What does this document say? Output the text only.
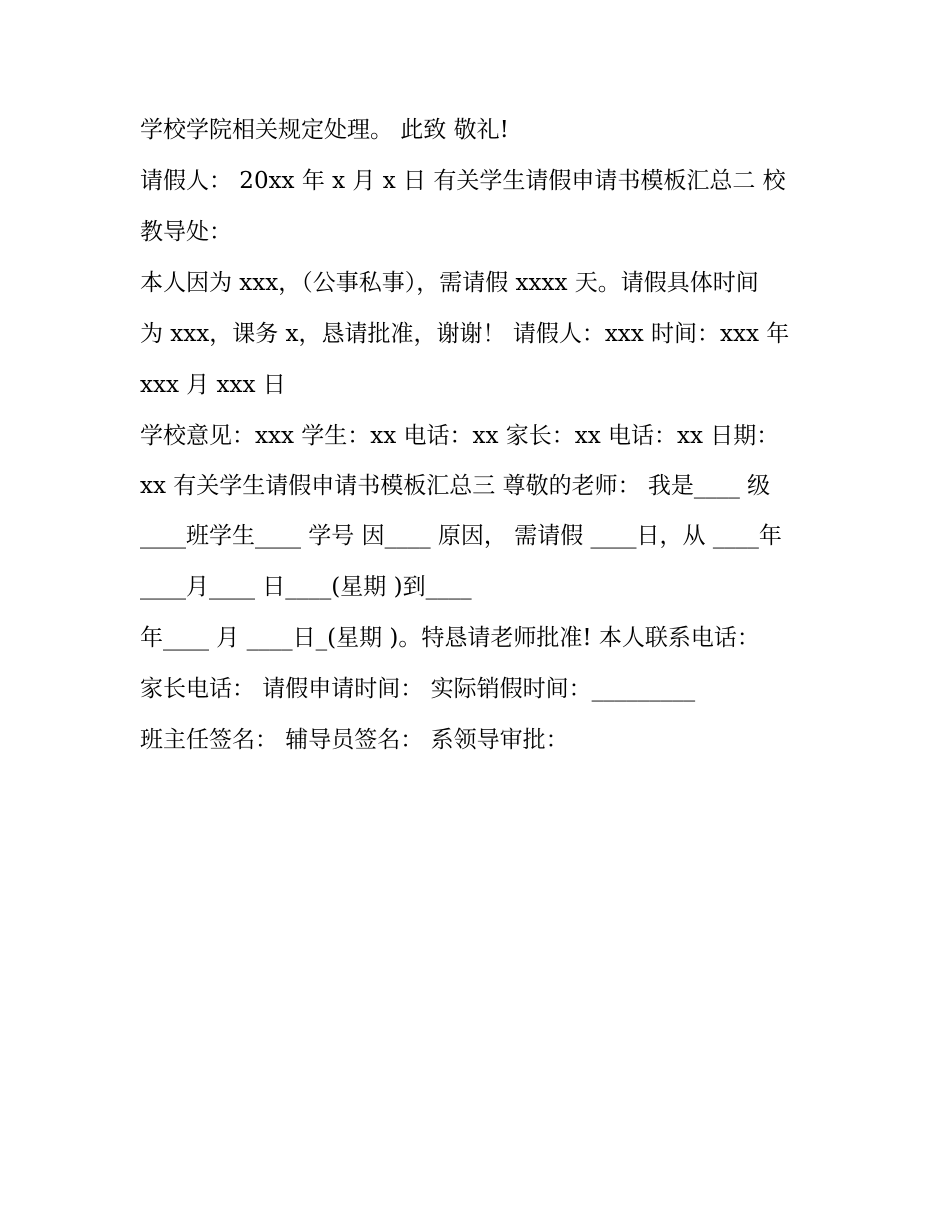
学校学院相关规定处理。 此致 敬礼!
请假人： 20xx 年 x 月 x 日 有关学生请假申请书模板汇总二 校
教导处：
本人因为 xxx，（公事私事），需请假 xxxx 天。请假具体时间
为 xxx，课务 x，恳请批准，谢谢！ 请假人：xxx 时间：xxx 年
xxx 月 xxx 日
学校意见：xxx 学生：xx 电话：xx 家长：xx 电话：xx 日期：
xx 有关学生请假申请书模板汇总三 尊敬的老师： 我是____ 级
____班学生____ 学号 因____ 原因， 需请假 ____日，从 ____年
____月____ 日____(星期 )到____
年____ 月 ____日_(星期 )。特恳请老师批准! 本人联系电话：
家长电话： 请假申请时间： 实际销假时间：_________
班主任签名： 辅导员签名： 系领导审批：
